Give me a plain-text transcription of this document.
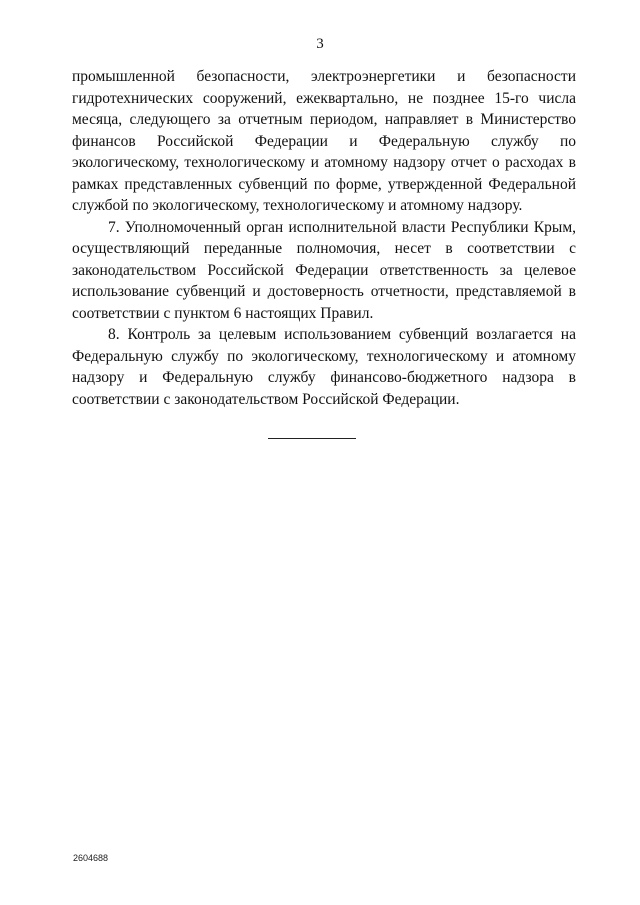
3

промышленной безопасности, электроэнергетики и безопасности гидротехнических сооружений, ежеквартально, не позднее 15-го числа месяца, следующего за отчетным периодом, направляет в Министерство финансов Российской Федерации и Федеральную службу по экологическому, технологическому и атомному надзору отчет о расходах в рамках представленных субвенций по форме, утвержденной Федеральной службой по экологическому, технологическому и атомному надзору.

7. Уполномоченный орган исполнительной власти Республики Крым, осуществляющий переданные полномочия, несет в соответствии с законодательством Российской Федерации ответственность за целевое использование субвенций и достоверность отчетности, представляемой в соответствии с пунктом 6 настоящих Правил.

8. Контроль за целевым использованием субвенций возлагается на Федеральную службу по экологическому, технологическому и атомному надзору и Федеральную службу финансово-бюджетного надзора в соответствии с законодательством Российской Федерации.

2604688
